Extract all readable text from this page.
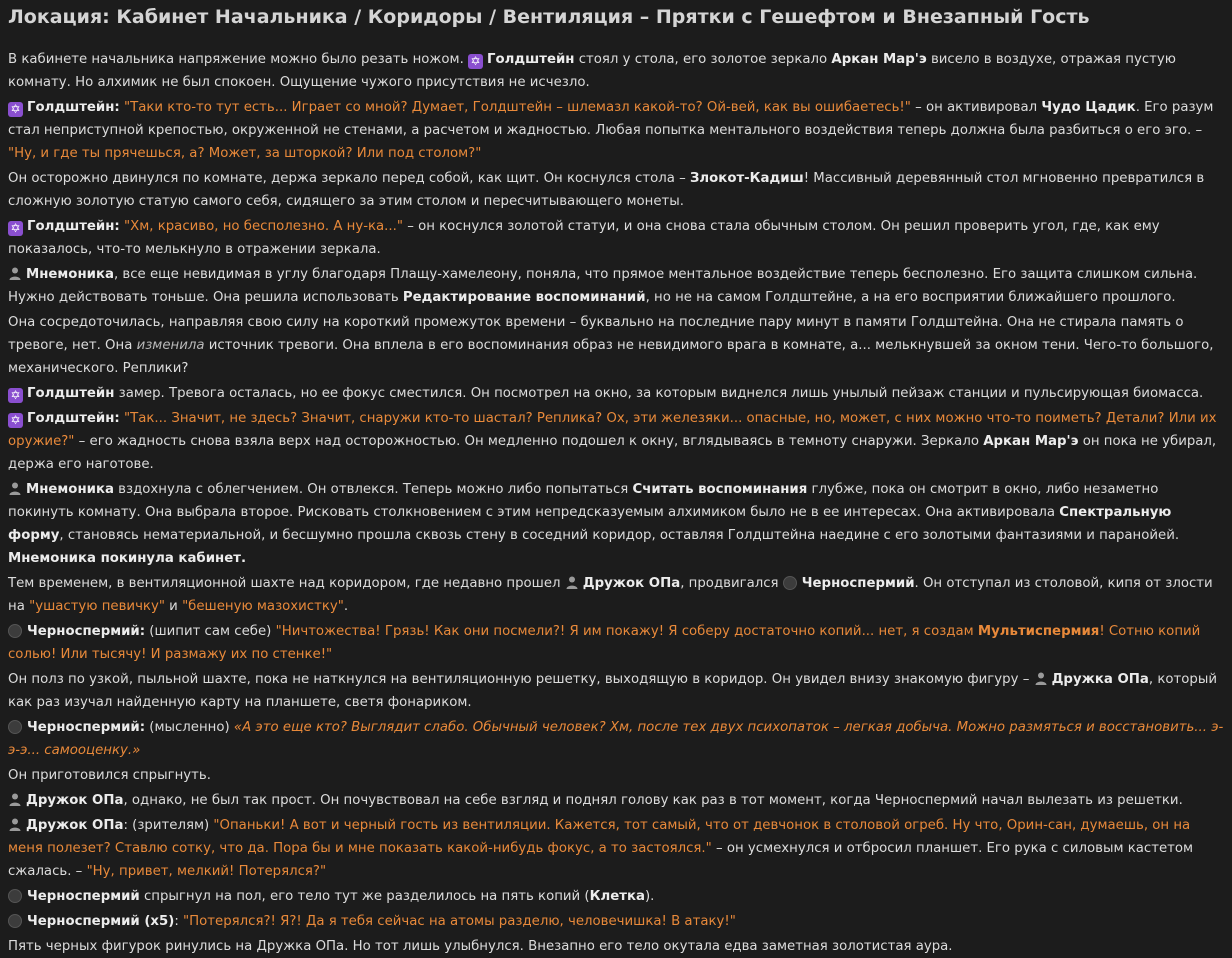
Локация: Кабинет Начальника / Коридоры / Вентиляция – Прятки с Гешефтом и Внезапный Гость

В кабинете начальника напряжение можно было резать ножом. ✡ Голдштейн стоял у стола, его золотое зеркало Аркан Мар'э висело в воздухе, отражая пустую комнату. Но алхимик не был спокоен. Ощущение чужого присутствия не исчезло.

✡ Голдштейн: "Таки кто-то тут есть... Играет со мной? Думает, Голдштейн – шлемазл какой-то? Ой-вей, как вы ошибаетесь!" – он активировал Чудо Цадик. Его разум стал неприступной крепостью, окруженной не стенами, а расчетом и жадностью. Любая попытка ментального воздействия теперь должна была разбиться о его эго. – "Ну, и где ты прячешься, а? Может, за шторкой? Или под столом?"

Он осторожно двинулся по комнате, держа зеркало перед собой, как щит. Он коснулся стола – Злокот-Кадиш! Массивный деревянный стол мгновенно превратился в сложную золотую статую самого себя, сидящего за этим столом и пересчитывающего монеты.

✡ Голдштейн: "Хм, красиво, но бесполезно. А ну-ка..." – он коснулся золотой статуи, и она снова стала обычным столом. Он решил проверить угол, где, как ему показалось, что-то мелькнуло в отражении зеркала.

Мнемоника, все еще невидимая в углу благодаря Плащу-хамелеону, поняла, что прямое ментальное воздействие теперь бесполезно. Его защита слишком сильна. Нужно действовать тоньше. Она решила использовать Редактирование воспоминаний, но не на самом Голдштейне, а на его восприятии ближайшего прошлого.

Она сосредоточилась, направляя свою силу на короткий промежуток времени – буквально на последние пару минут в памяти Голдштейна. Она не стирала память о тревоге, нет. Она изменила источник тревоги. Она вплела в его воспоминания образ не невидимого врага в комнате, а... мелькнувшей за окном тени. Чего-то большого, механического. Реплики?

✡ Голдштейн замер. Тревога осталась, но ее фокус сместился. Он посмотрел на окно, за которым виднелся лишь унылый пейзаж станции и пульсирующая биомасса.

✡ Голдштейн: "Так... Значит, не здесь? Значит, снаружи кто-то шастал? Реплика? Ох, эти железяки... опасные, но, может, с них можно что-то поиметь? Детали? Или их оружие?" – его жадность снова взяла верх над осторожностью. Он медленно подошел к окну, вглядываясь в темноту снаружи. Зеркало Аркан Мар'э он пока не убирал, держа его наготове.

Мнемоника вздохнула с облегчением. Он отвлекся. Теперь можно либо попытаться Считать воспоминания глубже, пока он смотрит в окно, либо незаметно покинуть комнату. Она выбрала второе. Рисковать столкновением с этим непредсказуемым алхимиком было не в ее интересах. Она активировала Спектральную форму, становясь нематериальной, и бесшумно прошла сквозь стену в соседний коридор, оставляя Голдштейна наедине с его золотыми фантазиями и паранойей. Мнемоника покинула кабинет.

Тем временем, в вентиляционной шахте над коридором, где недавно прошел Дружок ОПа, продвигался Черноспермий. Он отступал из столовой, кипя от злости на "ушастую певичку" и "бешеную мазохистку".

Черноспермий: (шипит сам себе) "Ничтожества! Грязь! Как они посмели?! Я им покажу! Я соберу достаточно копий... нет, я создам Мультиспермия! Сотню копий солью! Или тысячу! И размажу их по стенке!"

Он полз по узкой, пыльной шахте, пока не наткнулся на вентиляционную решетку, выходящую в коридор. Он увидел внизу знакомую фигуру – Дружка ОПа, который как раз изучал найденную карту на планшете, светя фонариком.

Черноспермий: (мысленно) «А это еще кто? Выглядит слабо. Обычный человек? Хм, после тех двух психопаток – легкая добыча. Можно размяться и восстановить... э-э-э... самооценку.»

Он приготовился спрыгнуть.

Дружок ОПа, однако, не был так прост. Он почувствовал на себе взгляд и поднял голову как раз в тот момент, когда Черноспермий начал вылезать из решетки.

Дружок ОПа: (зрителям) "Опаньки! А вот и черный гость из вентиляции. Кажется, тот самый, что от девчонок в столовой огреб. Ну что, Орин-сан, думаешь, он на меня полезет? Ставлю сотку, что да. Пора бы и мне показать какой-нибудь фокус, а то застоялся." – он усмехнулся и отбросил планшет. Его рука с силовым кастетом сжалась. – "Ну, привет, мелкий! Потерялся?"

Черноспермий спрыгнул на пол, его тело тут же разделилось на пять копий (Клетка).

Черноспермий (x5): "Потерялся?! Я?! Да я тебя сейчас на атомы разделю, человечишка! В атаку!"

Пять черных фигурок ринулись на Дружка ОПа. Но тот лишь улыбнулся. Внезапно его тело окутала едва заметная золотистая аура.
